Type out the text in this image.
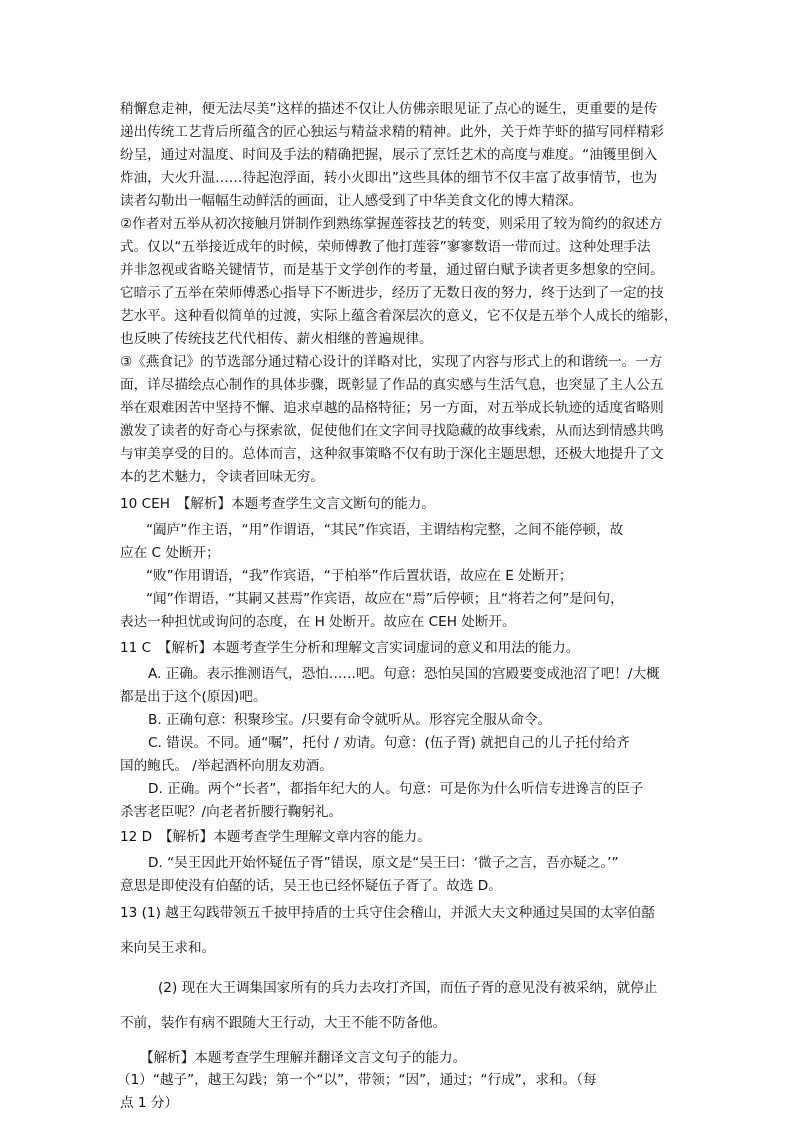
稍懈怠走神，便无法尽美”这样的描述不仅让人仿佛亲眼见证了点心的诞生，更重要的是传
递出传统工艺背后所蕴含的匠心独运与精益求精的精神。此外，关于炸芋虾的描写同样精彩
纷呈，通过对温度、时间及手法的精确把握，展示了烹饪艺术的高度与难度。“油镬里倒入
炸油，大火升温……待起泡浮面，转小火即出”这些具体的细节不仅丰富了故事情节，也为
读者勾勒出一幅幅生动鲜活的画面，让人感受到了中华美食文化的博大精深。
②作者对五举从初次接触月饼制作到熟练掌握莲蓉技艺的转变，则采用了较为简约的叙述方
式。仅以“五举接近成年的时候，荣师傅教了他打莲蓉”寥寥数语一带而过。这种处理手法
并非忽视或省略关键情节，而是基于文学创作的考量，通过留白赋予读者更多想象的空间。
它暗示了五举在荣师傅悉心指导下不断进步，经历了无数日夜的努力，终于达到了一定的技
艺水平。这种看似简单的过渡，实际上蕴含着深层次的意义，它不仅是五举个人成长的缩影，
也反映了传统技艺代代相传、薪火相继的普遍规律。
③《燕食记》的节选部分通过精心设计的详略对比，实现了内容与形式上的和谐统一。一方
面，详尽描绘点心制作的具体步骤，既彰显了作品的真实感与生活气息，也突显了主人公五
举在艰难困苦中坚持不懈、追求卓越的品格特征；另一方面，对五举成长轨迹的适度省略则
激发了读者的好奇心与探索欲，促使他们在文字间寻找隐藏的故事线索，从而达到情感共鸣
与审美享受的目的。总体而言，这种叙事策略不仅有助于深化主题思想，还极大地提升了文
本的艺术魅力，令读者回味无穷。
10 CEH　【解析】本题考查学生文言文断句的能力。
“阖庐”作主语，“用”作谓语，“其民”作宾语，主谓结构完整，之间不能停顿，故
应在 C 处断开；
“败”作用谓语，“我”作宾语，“于柏举”作后置状语，故应在 E 处断开；
“闻”作谓语，“其嗣又甚焉”作宾语，故应在“焉”后停顿；且“将若之何”是问句，
表达一种担忧或询问的态度，在 H 处断开。故应在 CEH 处断开。
11 C　【解析】本题考查学生分析和理解文言实词虚词的意义和用法的能力。
A. 正确。表示推测语气，恐怕……吧。句意：恐怕吴国的宫殿要变成池沼了吧！/大概
都是出于这个(原因)吧。
B. 正确句意：积聚珍宝。/只要有命令就听从。形容完全服从命令。
C. 错误。不同。通“嘱”，托付 / 劝请。句意：(伍子胥) 就把自己的儿子托付给齐
国的鲍氏。 /举起酒杯向朋友劝酒。
D. 正确。两个“长者”，都指年纪大的人。句意：可是你为什么听信专进谗言的臣子
杀害老臣呢？/向老者折腰行鞠躬礼。
12 D　【解析】本题考查学生理解文章内容的能力。
D. “吴王因此开始怀疑伍子胥”错误，原文是“吴王曰：‘微子之言，吾亦疑之。’”
意思是即使没有伯嚭的话，吴王也已经怀疑伍子胥了。故选 D。
13 (1) 越王勾践带领五千披甲持盾的士兵守住会稽山，并派大夫文种通过吴国的太宰伯嚭
来向吴王求和。
(2) 现在大王调集国家所有的兵力去攻打齐国，而伍子胥的意见没有被采纳，就停止
不前，装作有病不跟随大王行动，大王不能不防备他。
【解析】本题考查学生理解并翻译文言文句子的能力。
（1）“越子”，越王勾践；第一个“以”，带领；“因”，通过；“行成”，求和。（每
点 1 分）
